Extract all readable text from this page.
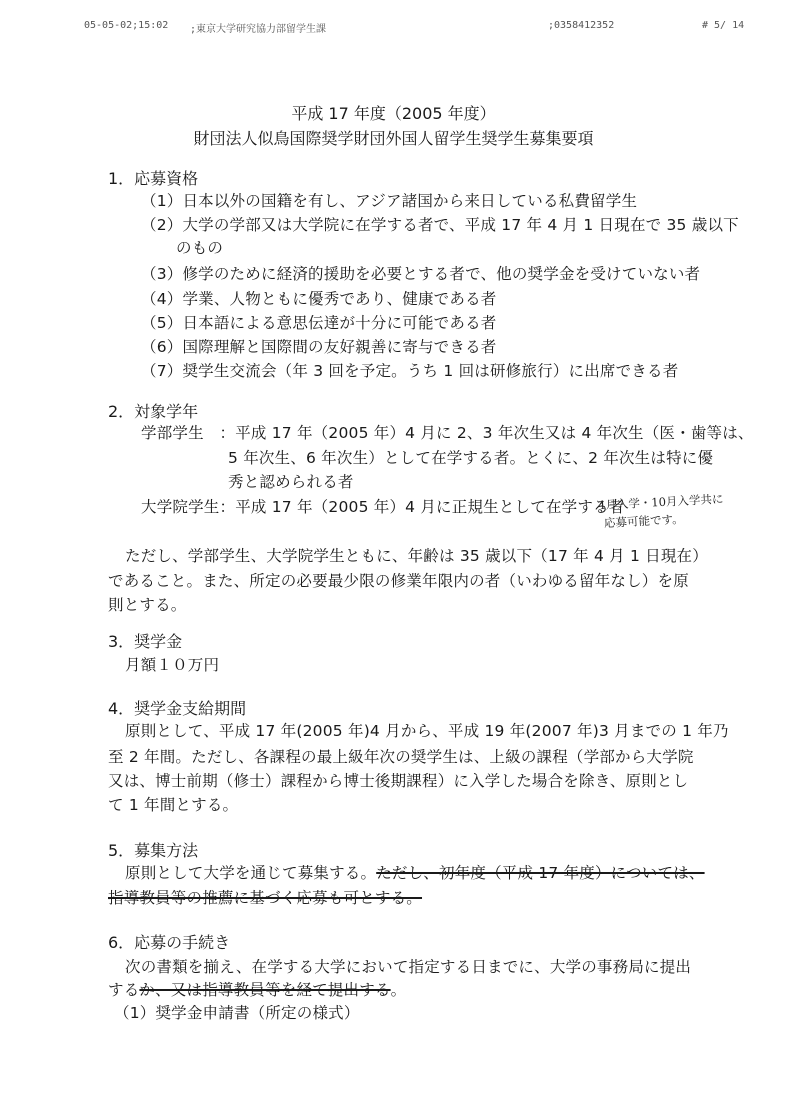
05-05-02;15:02 ;東京大学研究協力部留学生課	;0358412352	# 5/ 14
平成 17 年度（2005 年度）
財団法人似鳥国際奨学財団外国人留学生奨学生募集要項
1．応募資格
（1）日本以外の国籍を有し、アジア諸国から来日している私費留学生
（2）大学の学部又は大学院に在学する者で、平成 17 年 4 月 1 日現在で 35 歳以下
のもの
（3）修学のために経済的援助を必要とする者で、他の奨学金を受けていない者
（4）学業、人物ともに優秀であり、健康である者
（5）日本語による意思伝達が十分に可能である者
（6）国際理解と国際間の友好親善に寄与できる者
（7）奨学生交流会（年 3 回を予定。うち 1 回は研修旅行）に出席できる者
2．対象学年
学部学生　：平成 17 年（2005 年）4 月に 2、3 年次生又は 4 年次生（医・歯等は、
5 年次生、6 年次生）として在学する者。とくに、2 年次生は特に優
秀と認められる者
大学院学生：平成 17 年（2005 年）4 月に正規生として在学する者
4月入学・10月入学共に
応募可能です。
ただし、学部学生、大学院学生ともに、年齢は 35 歳以下（17 年 4 月 1 日現在）
であること。また、所定の必要最少限の修業年限内の者（いわゆる留年なし）を原
則とする。
3．奨学金
月額１０万円
4．奨学金支給期間
原則として、平成 17 年(2005 年)4 月から、平成 19 年(2007 年)3 月までの 1 年乃
至 2 年間。ただし、各課程の最上級年次の奨学生は、上級の課程（学部から大学院
又は、博士前期（修士）課程から博士後期課程）に入学した場合を除き、原則とし
て 1 年間とする。
5．募集方法
原則として大学を通じて募集する。ただし、初年度（平成 17 年度）については、
指導教員等の推薦に基づく応募も可とする。
6．応募の手続き
次の書類を揃え、在学する大学において指定する日までに、大学の事務局に提出
するか、又は指導教員等を経て提出する。
（1）奨学金申請書（所定の様式）
